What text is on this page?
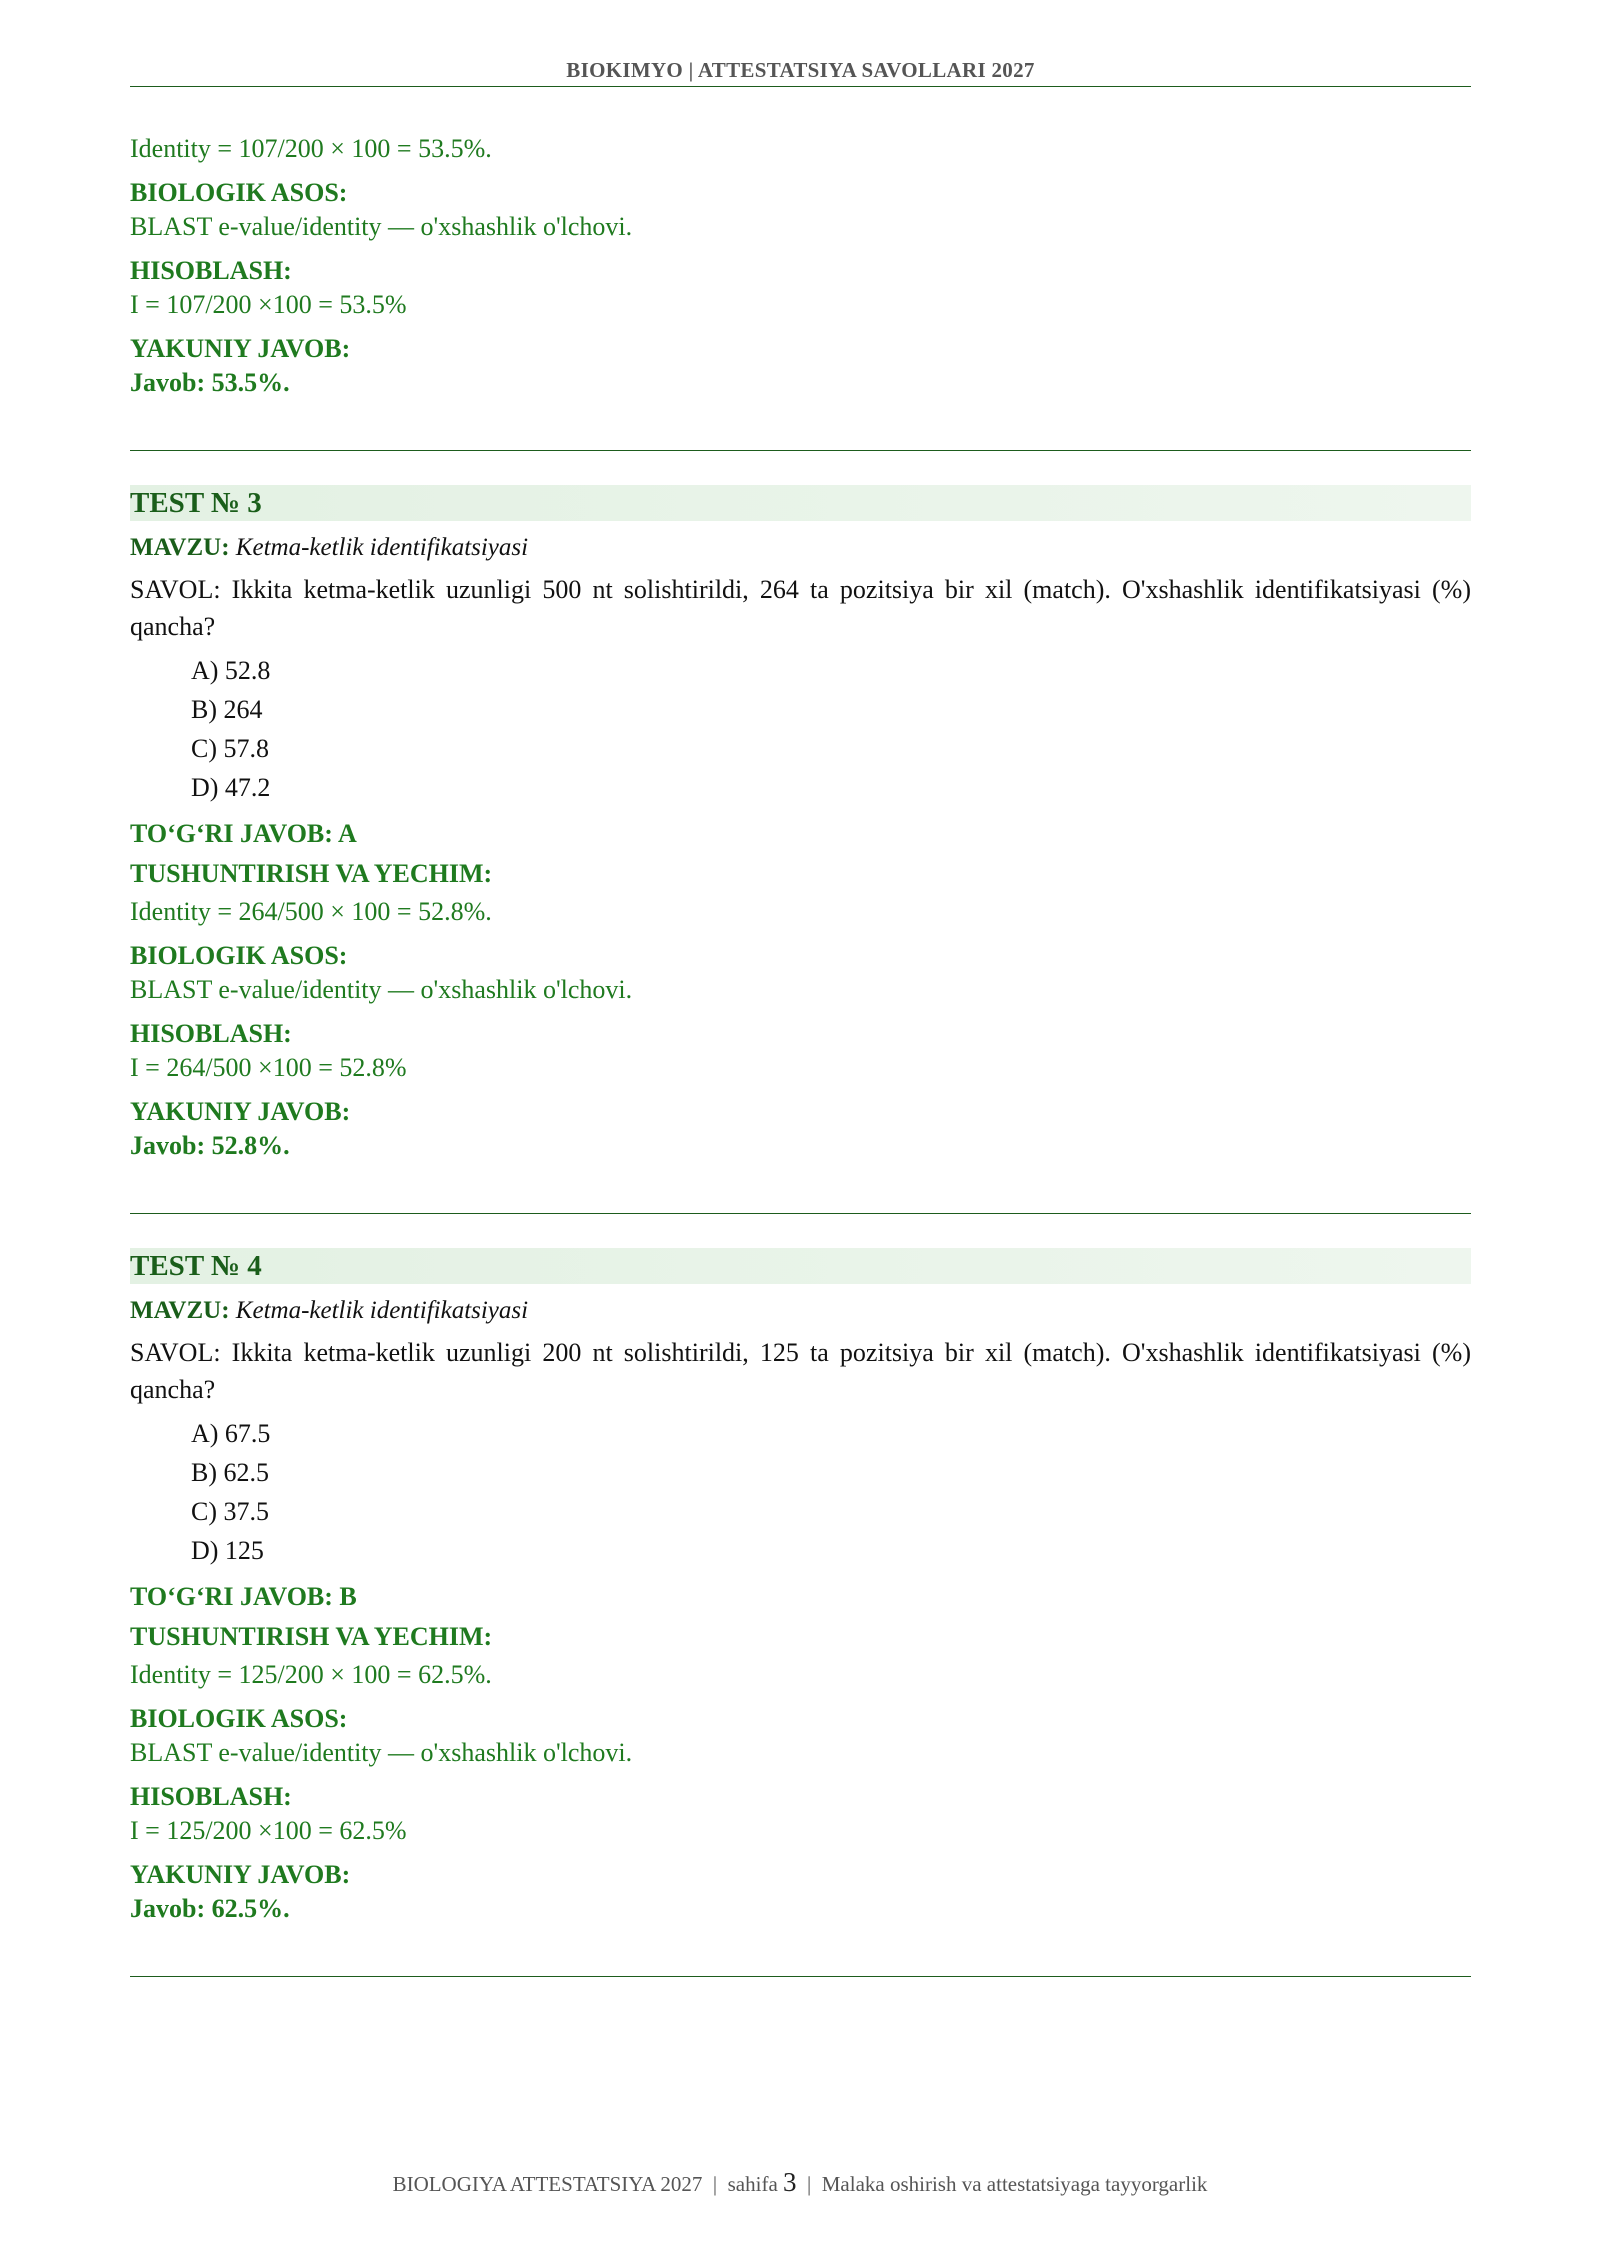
BIOKIMYO | ATTESTATSIYA SAVOLLARI 2027

Identity = 107/200 × 100 = 53.5%.

BIOLOGIK ASOS:

BLAST e-value/identity — o'xshashlik o'lchovi.

HISOBLASH:

I = 107/200 ×100 = 53.5%

YAKUNIY JAVOB:

Javob: 53.5%.

TEST № 3
MAVZU: Ketma-ketlik identifikatsiyasi
SAVOL: Ikkita ketma-ketlik uzunligi 500 nt solishtirildi, 264 ta pozitsiya bir xil (match). O'xshashlik identifikatsiyasi (%) qancha?
A) 52.8
B) 264
C) 57.8
D) 47.2
TO‘G‘RI JAVOB: A

TUSHUNTIRISH VA YECHIM:

Identity = 264/500 × 100 = 52.8%.

BIOLOGIK ASOS:

BLAST e-value/identity — o'xshashlik o'lchovi.

HISOBLASH:

I = 264/500 ×100 = 52.8%

YAKUNIY JAVOB:

Javob: 52.8%.

TEST № 4
MAVZU: Ketma-ketlik identifikatsiyasi
SAVOL: Ikkita ketma-ketlik uzunligi 200 nt solishtirildi, 125 ta pozitsiya bir xil (match). O'xshashlik identifikatsiyasi (%) qancha?
A) 67.5
B) 62.5
C) 37.5
D) 125
TO‘G‘RI JAVOB: B

TUSHUNTIRISH VA YECHIM:

Identity = 125/200 × 100 = 62.5%.

BIOLOGIK ASOS:

BLAST e-value/identity — o'xshashlik o'lchovi.

HISOBLASH:

I = 125/200 ×100 = 62.5%

YAKUNIY JAVOB:

Javob: 62.5%.

BIOLOGIYA ATTESTATSIYA 2027 | sahifa 3 | Malaka oshirish va attestatsiyaga tayyorgarlik
